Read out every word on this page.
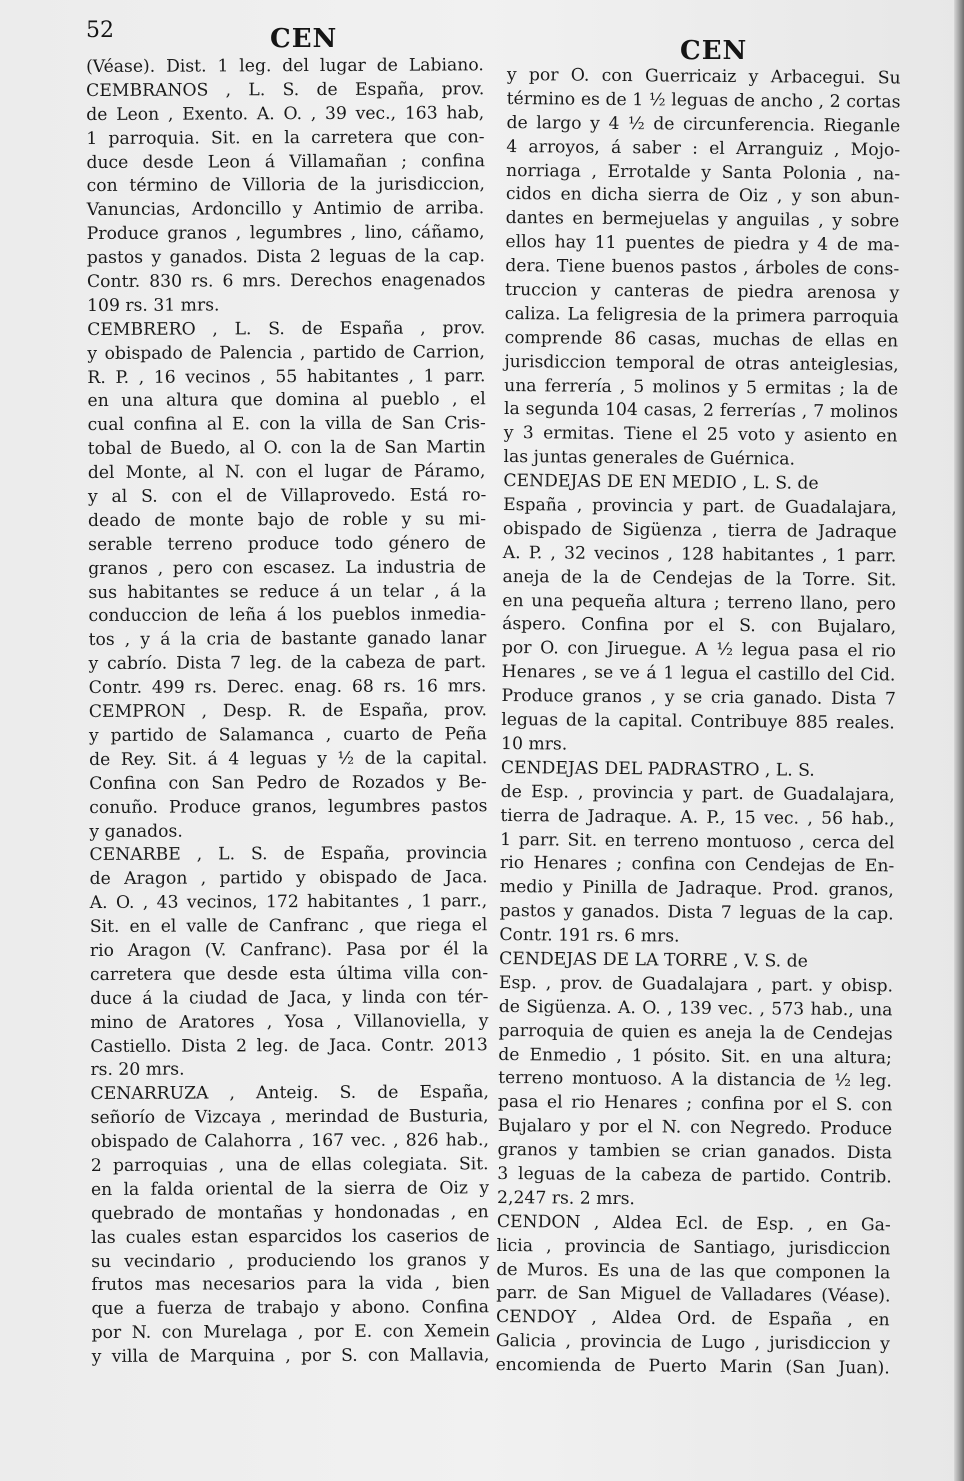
52	CEN	CEN
(Véase). Dist. 1 leg. del lugar de Labiano.
CEMBRANOS , L. S. de España, prov.
de Leon , Exento. A. O. , 39 vec., 163 hab,
1 parroquia. Sit. en la carretera que con-
duce desde Leon á Villamañan ; confina
con término de Villoria de la jurisdiccion,
Vanuncias, Ardoncillo y Antimio de arriba.
Produce granos , legumbres , lino, cáñamo,
pastos y ganados. Dista 2 leguas de la cap.
Contr. 830 rs. 6 mrs. Derechos enagenados
109 rs. 31 mrs.
CEMBRERO , L. S. de España , prov.
y obispado de Palencia , partido de Carrion,
R. P. , 16 vecinos , 55 habitantes , 1 parr.
en una altura que domina al pueblo , el
cual confina al E. con la villa de San Cris-
tobal de Buedo, al O. con la de San Martin
del Monte, al N. con el lugar de Páramo,
y al S. con el de Villaprovedo. Está ro-
deado de monte bajo de roble y su mi-
serable terreno produce todo género de
granos , pero con escasez. La industria de
sus habitantes se reduce á un telar , á la
conduccion de leña á los pueblos inmedia-
tos , y á la cria de bastante ganado lanar
y cabrío. Dista 7 leg. de la cabeza de part.
Contr. 499 rs. Derec. enag. 68 rs. 16 mrs.
CEMPRON , Desp. R. de España, prov.
y partido de Salamanca , cuarto de Peña
de Rey. Sit. á 4 leguas y ½ de la capital.
Confina con San Pedro de Rozados y Be-
conuño. Produce granos, legumbres pastos
y ganados.
CENARBE , L. S. de España, provincia
de Aragon , partido y obispado de Jaca.
A. O. , 43 vecinos, 172 habitantes , 1 parr.,
Sit. en el valle de Canfranc , que riega el
rio Aragon (V. Canfranc). Pasa por él la
carretera que desde esta última villa con-
duce á la ciudad de Jaca, y linda con tér-
mino de Aratores , Yosa , Villanoviella, y
Castiello. Dista 2 leg. de Jaca. Contr. 2013
rs. 20 mrs.
CENARRUZA , Anteig. S. de España,
señorío de Vizcaya , merindad de Busturia,
obispado de Calahorra , 167 vec. , 826 hab.,
2 parroquias , una de ellas colegiata. Sit.
en la falda oriental de la sierra de Oiz y
quebrado de montañas y hondonadas , en
las cuales estan esparcidos los caserios de
su vecindario , produciendo los granos y
frutos mas necesarios para la vida , bien
que a fuerza de trabajo y abono. Confina
por N. con Murelaga , por E. con Xemein
y villa de Marquina , por S. con Mallavia,
y por O. con Guerricaiz y Arbacegui. Su
término es de 1 ½ leguas de ancho , 2 cortas
de largo y 4 ½ de circunferencia. Rieganle
4 arroyos, á saber : el Arranguiz , Mojo-
norriaga , Errotalde y Santa Polonia , na-
cidos en dicha sierra de Oiz , y son abun-
dantes en bermejuelas y anguilas , y sobre
ellos hay 11 puentes de piedra y 4 de ma-
dera. Tiene buenos pastos , árboles de cons-
truccion y canteras de piedra arenosa y
caliza. La feligresia de la primera parroquia
comprende 86 casas, muchas de ellas en
jurisdiccion temporal de otras anteiglesias,
una ferrería , 5 molinos y 5 ermitas ; la de
la segunda 104 casas, 2 ferrerías , 7 molinos
y 3 ermitas. Tiene el 25 voto y asiento en
las juntas generales de Guérnica.
CENDEJAS DE EN MEDIO , L. S. de
España , provincia y part. de Guadalajara,
obispado de Sigüenza , tierra de Jadraque
A. P. , 32 vecinos , 128 habitantes , 1 parr.
aneja de la de Cendejas de la Torre. Sit.
en una pequeña altura ; terreno llano, pero
áspero. Confina por el S. con Bujalaro,
por O. con Jiruegue. A ½ legua pasa el rio
Henares , se ve á 1 legua el castillo del Cid.
Produce granos , y se cria ganado. Dista 7
leguas de la capital. Contribuye 885 reales.
10 mrs.
CENDEJAS DEL PADRASTRO , L. S.
de Esp. , provincia y part. de Guadalajara,
tierra de Jadraque. A. P., 15 vec. , 56 hab.,
1 parr. Sit. en terreno montuoso , cerca del
rio Henares ; confina con Cendejas de En-
medio y Pinilla de Jadraque. Prod. granos,
pastos y ganados. Dista 7 leguas de la cap.
Contr. 191 rs. 6 mrs.
CENDEJAS DE LA TORRE , V. S. de
Esp. , prov. de Guadalajara , part. y obisp.
de Sigüenza. A. O. , 139 vec. , 573 hab., una
parroquia de quien es aneja la de Cendejas
de Enmedio , 1 pósito. Sit. en una altura;
terreno montuoso. A la distancia de ½ leg.
pasa el rio Henares ; confina por el S. con
Bujalaro y por el N. con Negredo. Produce
granos y tambien se crian ganados. Dista
3 leguas de la cabeza de partido. Contrib.
2,247 rs. 2 mrs.
CENDON , Aldea Ecl. de Esp. , en Ga-
licia , provincia de Santiago, jurisdiccion
de Muros. Es una de las que componen la
parr. de San Miguel de Valladares (Véase).
CENDOY , Aldea Ord. de España , en
Galicia , provincia de Lugo , jurisdiccion y
encomienda de Puerto Marin (San Juan).
